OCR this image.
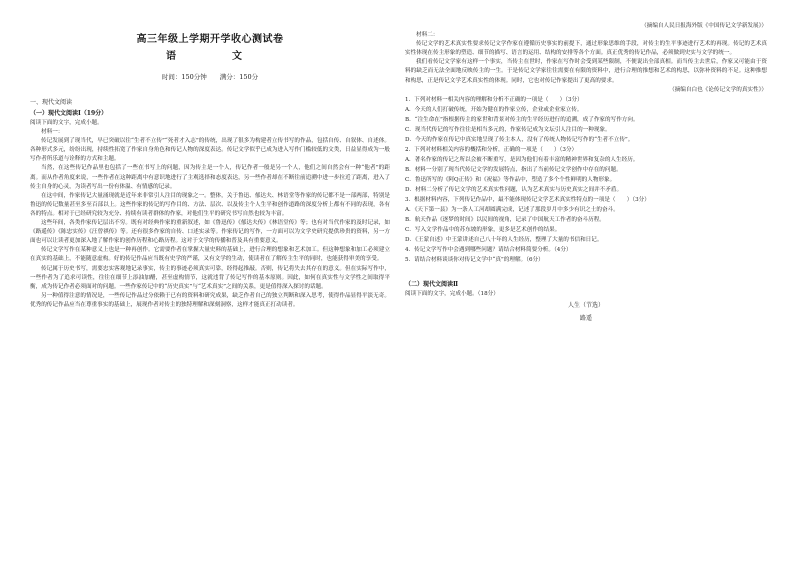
高三年级上学期开学收心测试卷
语　　文
时间：150分钟　　满分：150分

一、现代文阅读

（一）现代文阅读Ⅰ（19分）

阅读下面的文字，完成小题。

材料一：

传记发展到了现当代，早已突破以往“生者不立传”“死者才入志”的传统，出现了很多为构建者立传书写的作品，包括自传、自叙体、自述体。各种形式多元，纷纷出现，持续性拓宽了作家自身角色和传记人物的深度表达。传记文学似乎已成为进入写作门槛较低的文类，日益显得成为一般写作者所乐道与诠释的方式和主题。

当然，在这些传记作品里也包括了一些在书写上的问题，因为传主是一个人，传记作者一般是另一个人，他们之间自然会有一种“他者”的距离。而从作者角度来说，一些作者在这种距离中有意识地进行了主观选择和态度表达，另一些作者却在不断往前追溯中进一步拉近了距离，进入了传主自身的心灵，为读者写出一份有体温、有情感的记录。

在这中间，作家传记大量涌现就是近年来非常引人注目的现象之一。整体，关于鲁迅、郁达夫、林语堂等作家的传记都不是一部两部，特别是鲁迅的传记数量甚至多至百部以上。这些作家的传记的写作目的、方法、层次、以及传主个人生平和创作道路的深度分析上都有不同的表现，各有各的特点。相对于已经研究较为充分、持续有读者群体的作家，对他们生平的研究书写自然也较为丰富。

这些年间，各类作家传记层出不穷。既有对经典作家的重新叙述，如《鲁迅传》《郁达夫传》《林语堂传》等；也有对当代作家的及时记录，如《路遥传》《陈忠实传》《汪曾祺传》等。还有很多作家的自传、口述实录等。作家传记的写作，一方面可以为文学史研究提供珍贵的资料，另一方面也可以让读者更加深入地了解作家的创作历程和心路历程。这对于文学的传播和普及具有重要意义。

传记文学写作在某种意义上也是一种再创作。它需要作者在掌握大量史料的基础上，进行合理的想象和艺术加工。但这种想象和加工必须建立在真实的基础上，不能随意虚构。好的传记作品应当既有史学的严谨，又有文学的生动，使读者在了解传主生平的同时，也能获得审美的享受。

传记属于历史书写，需要忠实客观地记录事实，传主的事迹必须真实可靠，经得起推敲。否则，传记将失去其存在的意义。但在实际写作中，一些作者为了追求可读性，往往在细节上添油加醋，甚至虚构情节，这就违背了传记写作的基本原则。因此，如何在真实性与文学性之间取得平衡，成为传记作者必须面对的问题。一些作家传记中的“历史真实”与“艺术真实”之间的关系，更是值得深入探讨的话题。

另一种值得注意的情况是，一些传记作品过分依赖于已有的资料和研究成果，缺乏作者自己的独立判断和深入思考，使得作品显得平淡无奇。优秀的传记作品应当在尊重事实的基础上，展现作者对传主的独特理解和深刻洞察，这样才能真正打动读者。

（摘编自人民日报海外版《中国传记文学新发展》）

材料二：

传记文学的艺术真实性要求传记文学作家在遵循历史事实的前提下，通过形象思维的手段，对传主的生平事迹进行艺术的再现。传记的艺术真实性体现在传主形象的塑造、细节的描写、语言的运用、结构的安排等各个方面。真正优秀的传记作品，必须做到史实与文学的统一。

我们看传记文学家有这样一个事实，当传主在世时，作家在写作时会受到某些限制，不便说出全部真相。而当传主去世后，作家又可能由于资料的缺乏而无法全面地反映传主的一生。于是传记文学家往往需要在有限的资料中，进行合理的推想和艺术的构思，以弥补资料的不足。这种推想和构思，正是传记文学艺术真实性的体现。同时，它也对传记作家提出了更高的要求。

（摘编自白也《论传记文学的真实性》）

1．下列对材料一相关内容的理解和分析不正确的一项是（　　）（3分）

A．今天的人们打破传统，开始为健在的作家立传，企业或企业家立传。

B．“注生命在”指根据传主的家世和背景对传主的生平经历进行的追溯，成了作家的写作方向。

C．现当代传记的写作往往是相当多元的，作家传记成为文坛引人注目的一种现象。

D．今天的作家在传记中真实地呈现了传主本人，没有了传统人物传记写作的“生者不立传”。

2．下列对材料相关内容的概括和分析，正确的一项是（　　）（3分）

A．著名作家的传记之所以会被不断重写，是因为他们有着丰富的精神世界和复杂的人生经历。

B．材料一分别了现当代传记文学的发展特点，指出了当前传记文学创作中存在的问题。

C．鲁迅所写的《阿Q正传》和《祝福》等作品中，塑造了多个个性鲜明的人物形象。

D．材料二分析了传记文学的艺术真实性问题，认为艺术真实与历史真实之间并不矛盾。

3．根据材料内容，下列传记作品中，最不能体现传记文学艺术真实性特点的一项是（　　）（3分）

A．《天下第一县》为一条人工河却圆满完成，记述了那段岁月中多少有识之士的奋斗。

B．航天作品《逐梦的时间》以民间的视角，记录了中国航天工作者的奋斗历程。

C．写入文学作品中的苏东坡的形象，更多是艺术创作的结果。

D．《王蒙自述》中王蒙讲述自己八十年的人生经历，整理了大量的书信和日记。

4．传记文学写作中会遇到哪些问题？请结合材料简要分析。（4分）

5．请结合材料谈谈你对传记文学中“真”的理解。（6分）

（二）现代文阅读Ⅱ

阅读下面的文字，完成小题。（18分）

人生（节选）

路遥
